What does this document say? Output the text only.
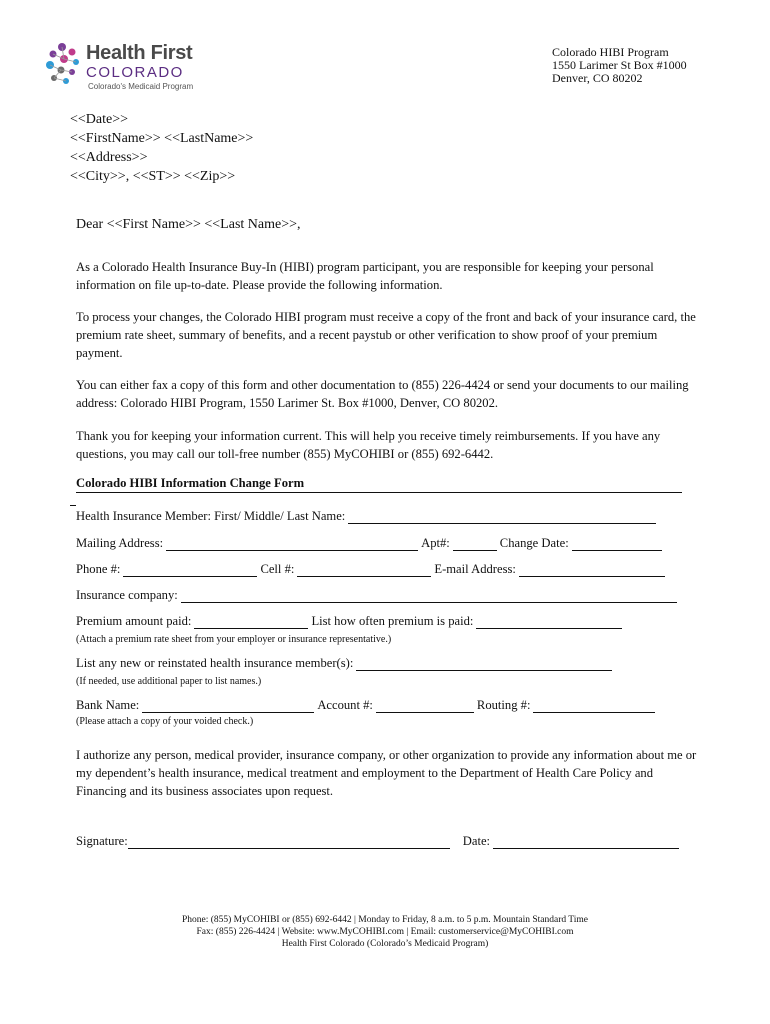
Health First
COLORADO
Colorado's Medicaid Program
Colorado HIBI Program
1550 Larimer St Box #1000
Denver, CO 80202
<<Date>>
<<FirstName>> <<LastName>>
<<Address>>
<<City>>, <<ST>> <<Zip>>
Dear <<First Name>> <<Last Name>>,
As a Colorado Health Insurance Buy-In (HIBI) program participant, you are responsible for keeping your personal information on file up-to-date. Please provide the following information.
To process your changes, the Colorado HIBI program must receive a copy of the front and back of your insurance card, the premium rate sheet, summary of benefits, and a recent paystub or other verification to show proof of your premium payment.
You can either fax a copy of this form and other documentation to (855) 226-4424 or send your documents to our mailing address: Colorado HIBI Program, 1550 Larimer St. Box #1000, Denver, CO 80202.
Thank you for keeping your information current. This will help you receive timely reimbursements. If you have any questions, you may call our toll-free number (855) MyCOHIBI or (855) 692-6442.
Colorado HIBI Information Change Form
Health Insurance Member: First/ Middle/ Last Name:
Mailing Address:	Apt#:	Change Date:
Phone #:	Cell #:	E-mail Address:
Insurance company:
Premium amount paid:	List how often premium is paid:
(Attach a premium rate sheet from your employer or insurance representative.)
List any new or reinstated health insurance member(s):
(If needed, use additional paper to list names.)
Bank Name:	Account #:	Routing #:
(Please attach a copy of your voided check.)
I authorize any person, medical provider, insurance company, or other organization to provide any information about me or my dependent’s health insurance, medical treatment and employment to the Department of Health Care Policy and Financing and its business associates upon request.
Signature:	Date:
Phone: (855) MyCOHIBI or (855) 692-6442 | Monday to Friday, 8 a.m. to 5 p.m. Mountain Standard Time
Fax: (855) 226-4424 | Website: www.MyCOHIBI.com | Email: customerservice@MyCOHIBI.com
Health First Colorado (Colorado’s Medicaid Program)
